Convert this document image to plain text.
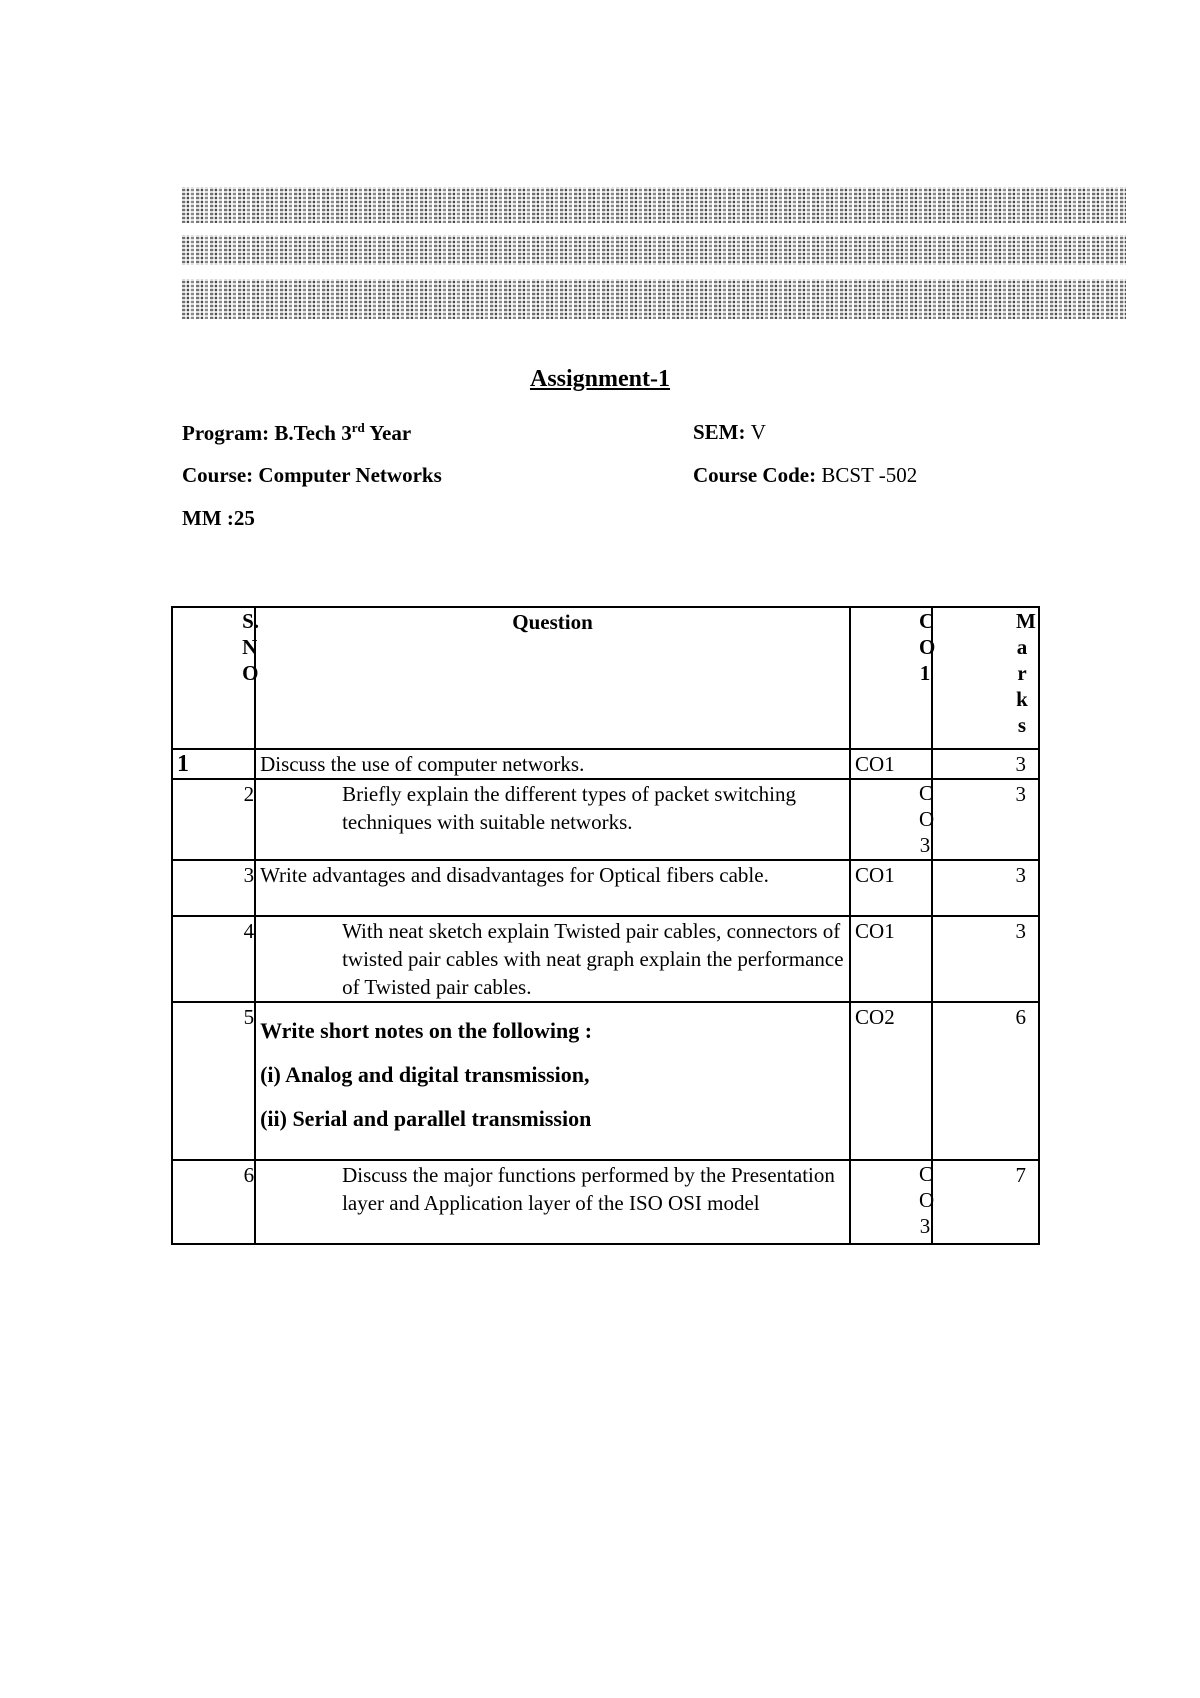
Assignment-1
Program: B.Tech 3rd Year	SEM: V
Course: Computer Networks	Course Code: BCST -502
MM :25
S.NO	Question	CO1	Marks
1	Discuss the use of computer networks.	CO1	3
2	Briefly explain the different types of packet switching techniques with suitable networks.	CO3	3
3	Write advantages and disadvantages for Optical fibers cable.	CO1	3
4	With neat sketch explain Twisted pair cables, connectors of twisted pair cables with neat graph explain the performance of Twisted pair cables.	CO1	3
5	Write short notes on the following :
(i) Analog and digital transmission,
(ii) Serial and parallel transmission	CO2	6
6	Discuss the major functions performed by the Presentation layer and Application layer of the ISO OSI model	CO3	7
